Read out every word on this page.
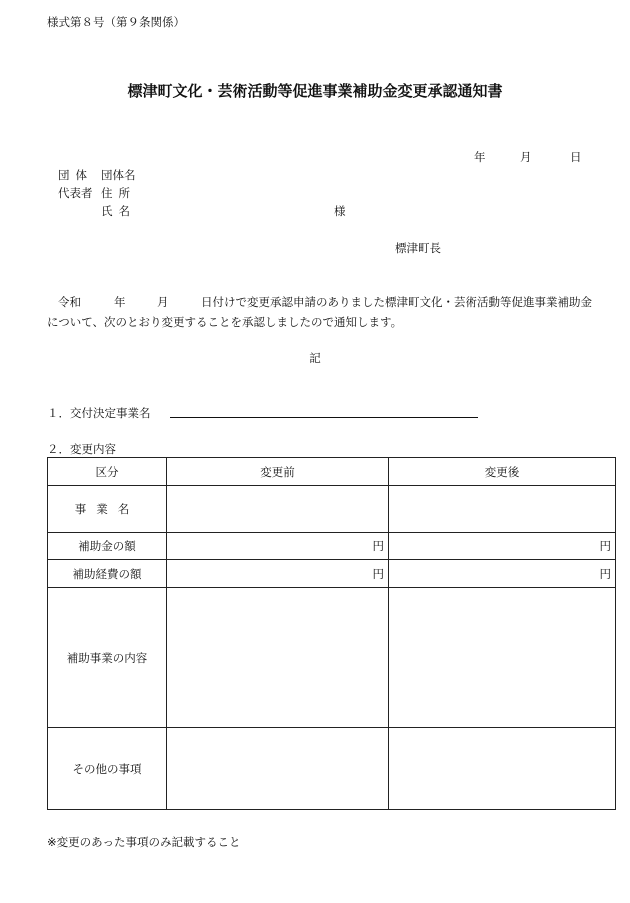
様式第８号（第９条関係）
標津町文化・芸術活動等促進事業補助金変更承認通知書
年	月	日
団体 団体名
代表者 住所
氏名	様
標津町長
令和	年	月	日付けで変更承認申請のありました標津町文化・芸術活動等促進事業補助金
について、次のとおり変更することを承認しましたので通知します。
記
１．交付決定事業名
２．変更内容
区分	変更前	変更後
事業名		
補助金の額	円	円
補助経費の額	円	円
補助事業の内容		
その他の事項		
※変更のあった事項のみ記載すること
